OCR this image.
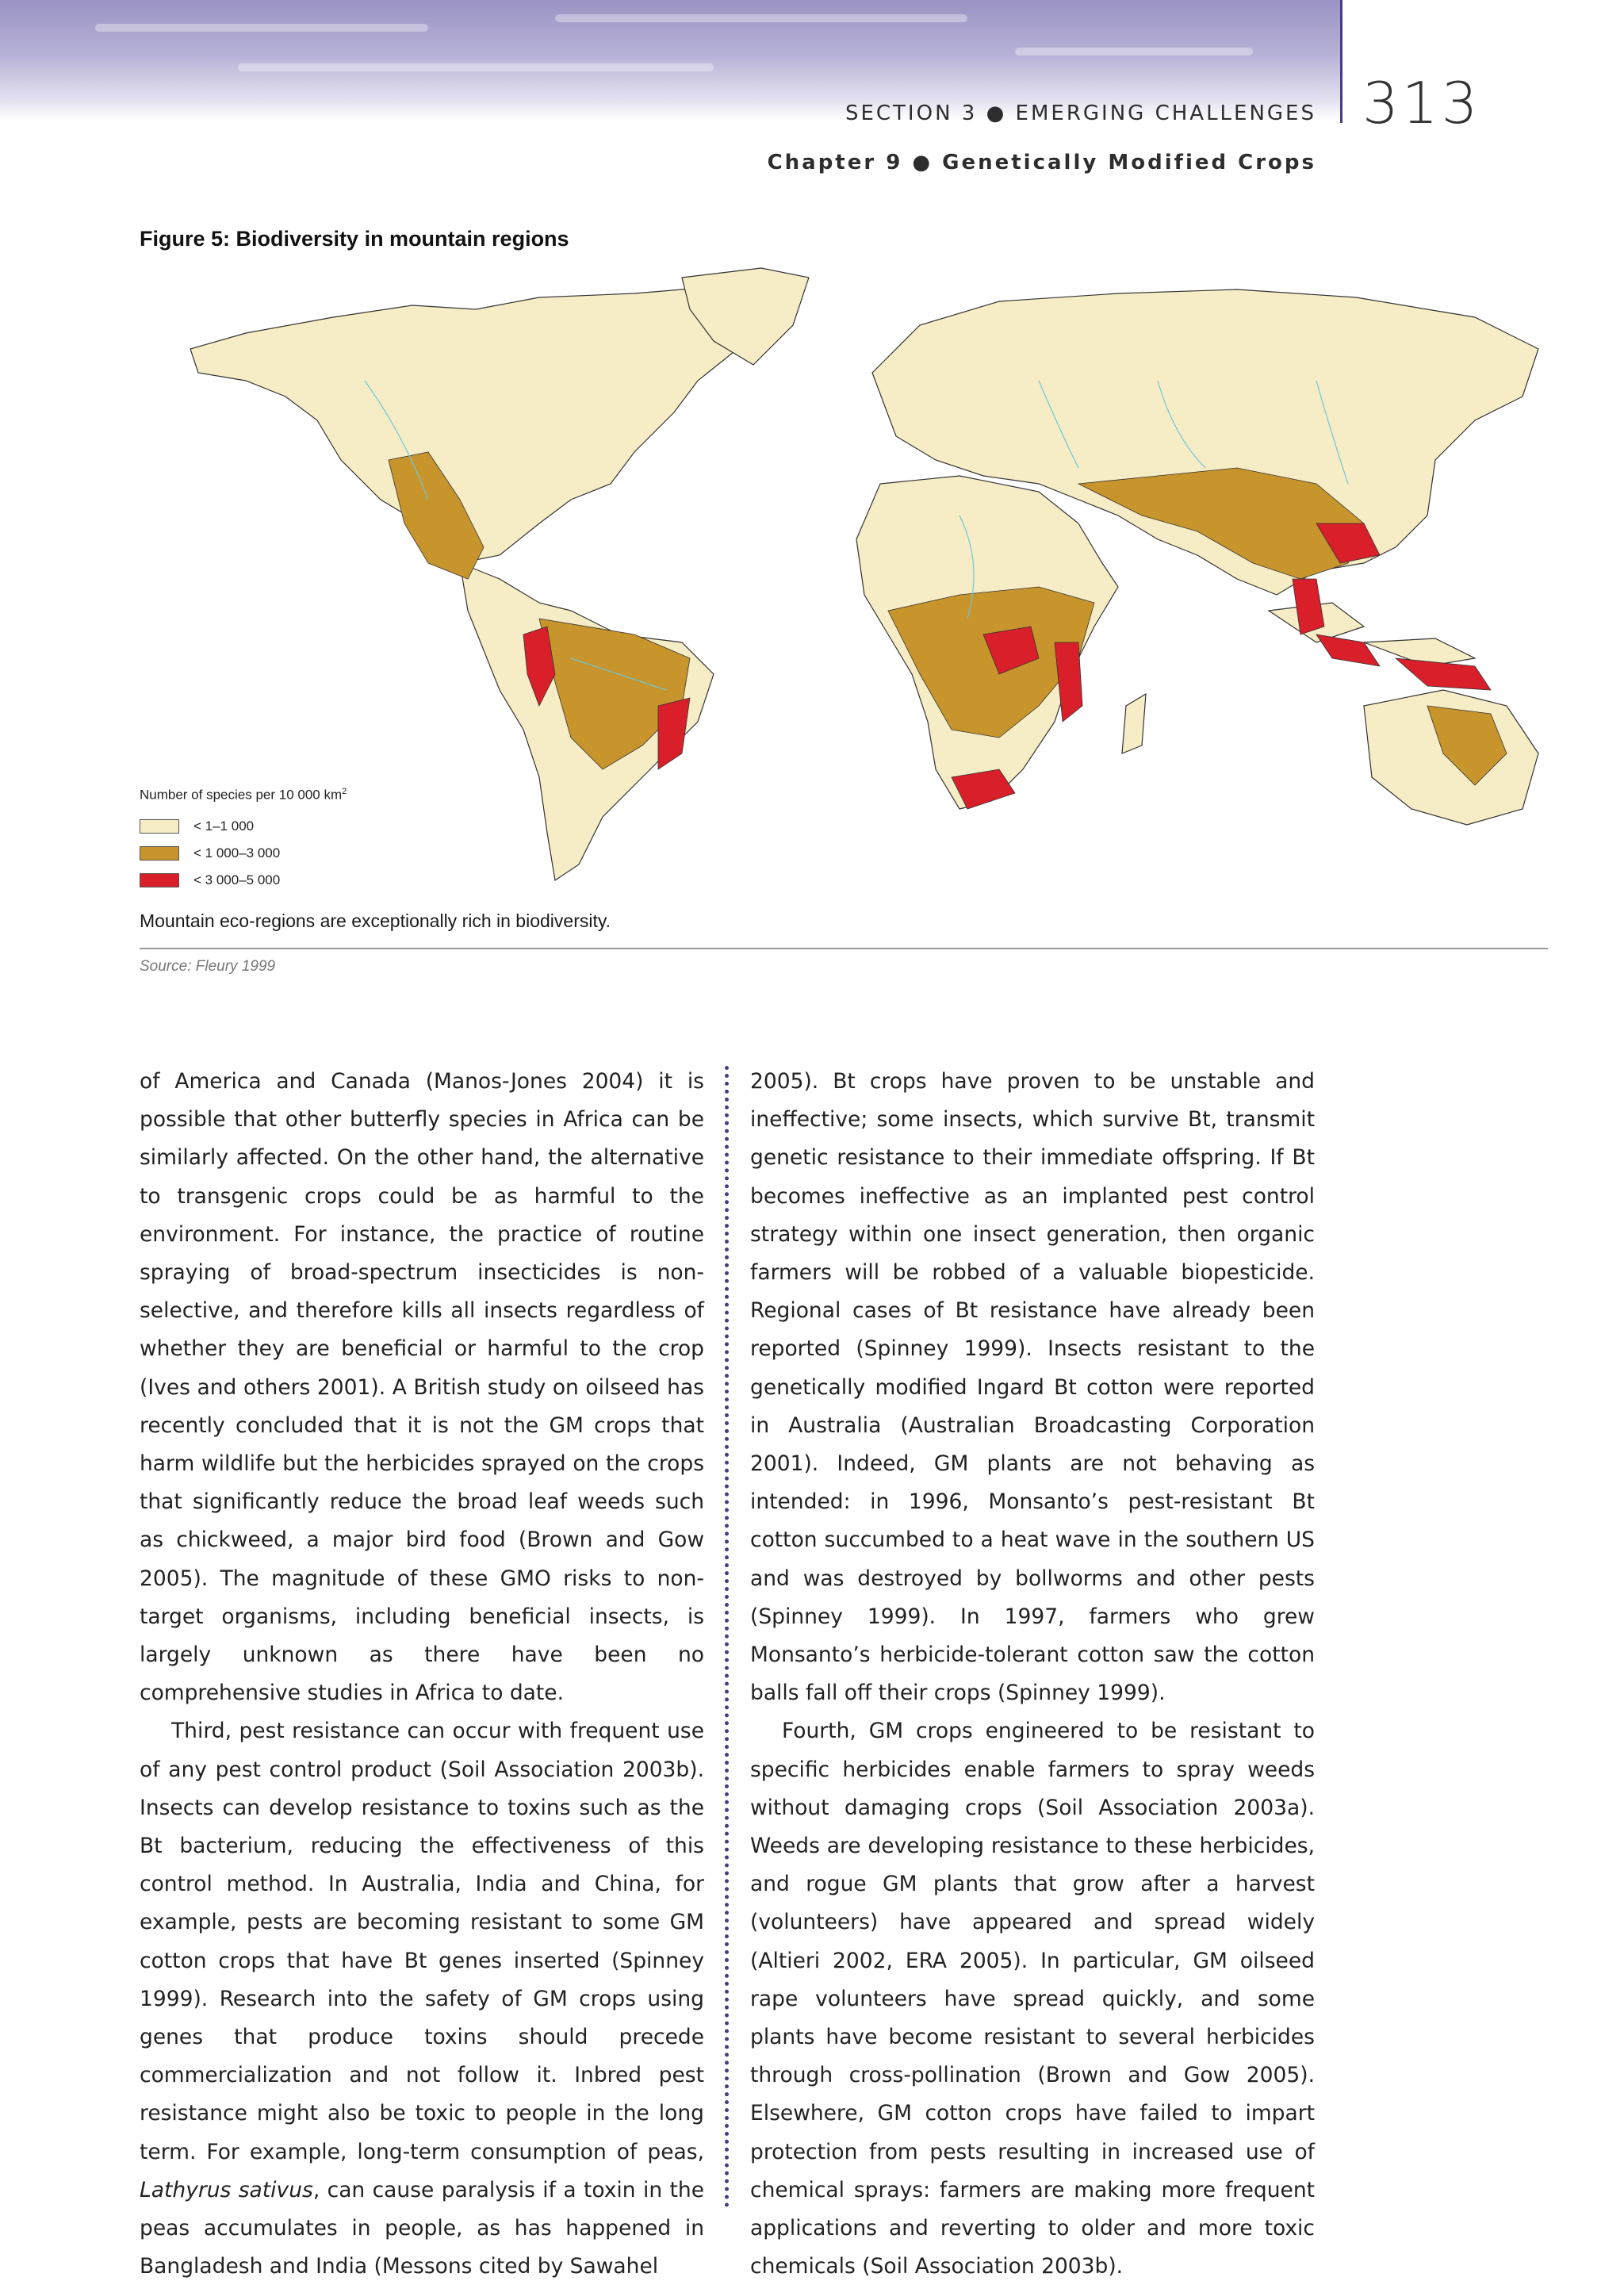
SECTION 3 ● EMERGING CHALLENGES
Chapter 9 ● Genetically Modified Crops
313
Figure 5: Biodiversity in mountain regions
Number of species per 10 000 $km^2$
< 1–1 000
< 1 000–3 000
< 3 000–5 000
Mountain eco-regions are exceptionally rich in biodiversity.
Source: Fleury 1999

of America and Canada (Manos-Jones 2004) it is possible that other butterfly species in Africa can be similarly affected. On the other hand, the alternative to transgenic crops could be as harmful to the environment. For instance, the practice of routine spraying of broad-spectrum insecticides is non-selective, and therefore kills all insects regardless of whether they are beneficial or harmful to the crop (Ives and others 2001). A British study on oilseed has recently concluded that it is not the GM crops that harm wildlife but the herbicides sprayed on the crops that significantly reduce the broad leaf weeds such as chickweed, a major bird food (Brown and Gow 2005). The magnitude of these GMO risks to non-target organisms, including beneficial insects, is largely unknown as there have been no comprehensive studies in Africa to date.

Third, pest resistance can occur with frequent use of any pest control product (Soil Association 2003b). Insects can develop resistance to toxins such as the Bt bacterium, reducing the effectiveness of this control method. In Australia, India and China, for example, pests are becoming resistant to some GM cotton crops that have Bt genes inserted (Spinney 1999). Research into the safety of GM crops using genes that produce toxins should precede commercialization and not follow it. Inbred pest resistance might also be toxic to people in the long term. For example, long-term consumption of peas, Lathyrus sativus, can cause paralysis if a toxin in the peas accumulates in people, as has happened in Bangladesh and India (Messons cited by Sawahel

2005). Bt crops have proven to be unstable and ineffective; some insects, which survive Bt, transmit genetic resistance to their immediate offspring. If Bt becomes ineffective as an implanted pest control strategy within one insect generation, then organic farmers will be robbed of a valuable biopesticide. Regional cases of Bt resistance have already been reported (Spinney 1999). Insects resistant to the genetically modified Ingard Bt cotton were reported in Australia (Australian Broadcasting Corporation 2001). Indeed, GM plants are not behaving as intended: in 1996, Monsanto’s pest-resistant Bt cotton succumbed to a heat wave in the southern US and was destroyed by bollworms and other pests (Spinney 1999). In 1997, farmers who grew Monsanto’s herbicide-tolerant cotton saw the cotton balls fall off their crops (Spinney 1999).

Fourth, GM crops engineered to be resistant to specific herbicides enable farmers to spray weeds without damaging crops (Soil Association 2003a). Weeds are developing resistance to these herbicides, and rogue GM plants that grow after a harvest (volunteers) have appeared and spread widely (Altieri 2002, ERA 2005). In particular, GM oilseed rape volunteers have spread quickly, and some plants have become resistant to several herbicides through cross-pollination (Brown and Gow 2005). Elsewhere, GM cotton crops have failed to impart protection from pests resulting in increased use of chemical sprays: farmers are making more frequent applications and reverting to older and more toxic chemicals (Soil Association 2003b).
